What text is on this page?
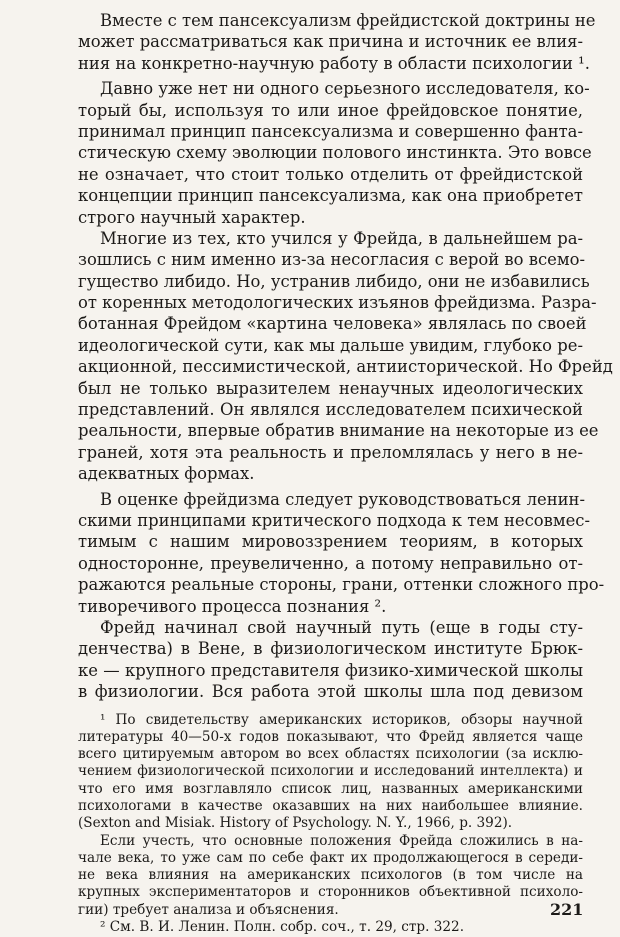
Вместе с тем пансексуализм фрейдистской доктрины не
может рассматриваться как причина и источник ее влия-
ния на конкретно-научную работу в области психологии ¹.
Давно уже нет ни одного серьезного исследователя, ко-
торый бы, используя то или иное фрейдовское понятие,
принимал принцип пансексуализма и совершенно фанта-
стическую схему эволюции полового инстинкта. Это вовсе
не означает, что стоит только отделить от фрейдистской
концепции принцип пансексуализма, как она приобретет
строго научный характер.
Многие из тех, кто учился у Фрейда, в дальнейшем ра-
зошлись с ним именно из-за несогласия с верой во всемо-
гущество либидо. Но, устранив либидо, они не избавились
от коренных методологических изъянов фрейдизма. Разра-
ботанная Фрейдом «картина человека» являлась по своей
идеологической сути, как мы дальше увидим, глубоко ре-
акционной, пессимистической, антиисторической. Но Фрейд
был не только выразителем ненаучных идеологических
представлений. Он являлся исследователем психической
реальности, впервые обратив внимание на некоторые из ее
граней, хотя эта реальность и преломлялась у него в не-
адекватных формах.
В оценке фрейдизма следует руководствоваться ленин-
скими принципами критического подхода к тем несовмес-
тимым с нашим мировоззрением теориям, в которых
односторонне, преувеличенно, а потому неправильно от-
ражаются реальные стороны, грани, оттенки сложного про-
тиворечивого процесса познания ².
Фрейд начинал свой научный путь (еще в годы сту-
денчества) в Вене, в физиологическом институте Брюк-
ке — крупного представителя физико-химической школы
в физиологии. Вся работа этой школы шла под девизом
¹ По свидетельству американских историков, обзоры научной
литературы 40—50-х годов показывают, что Фрейд является чаще
всего цитируемым автором во всех областях психологии (за исклю-
чением физиологической психологии и исследований интеллекта) и
что его имя возглавляло список лиц, названных американскими
психологами в качестве оказавших на них наибольшее влияние.
(Sexton and Misiak. History of Psychology. N. Y., 1966, p. 392).
Если учесть, что основные положения Фрейда сложились в на-
чале века, то уже сам по себе факт их продолжающегося в середи-
не века влияния на американских психологов (в том числе на
крупных экспериментаторов и сторонников объективной психоло-
гии) требует анализа и объяснения.
² См. В. И. Ленин. Полн. собр. соч., т. 29, стр. 322.
221
